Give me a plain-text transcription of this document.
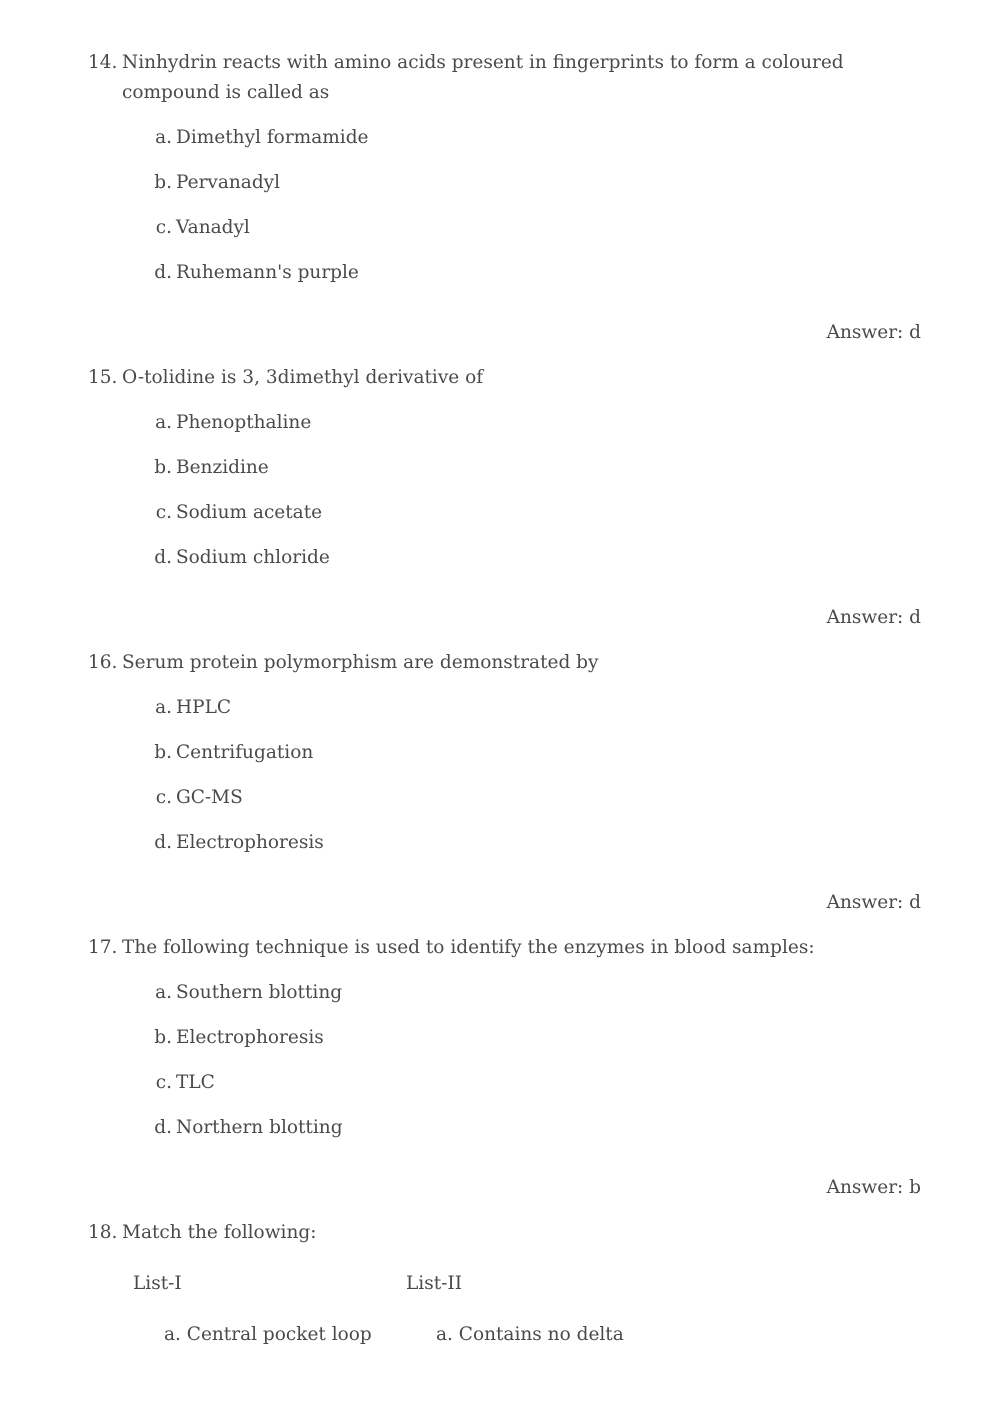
14. Ninhydrin reacts with amino acids present in fingerprints to form a coloured compound is called as
a. Dimethyl formamide
b. Pervanadyl
c. Vanadyl
d. Ruhemann's purple
Answer: d
15. O-tolidine is 3, 3dimethyl derivative of
a. Phenopthaline
b. Benzidine
c. Sodium acetate
d. Sodium chloride
Answer: d
16. Serum protein polymorphism are demonstrated by
a. HPLC
b. Centrifugation
c. GC-MS
d. Electrophoresis
Answer: d
17. The following technique is used to identify the enzymes in blood samples:
a. Southern blotting
b. Electrophoresis
c. TLC
d. Northern blotting
Answer: b
18. Match the following:
List-I	List-II
a. Central pocket loop	a. Contains no delta
